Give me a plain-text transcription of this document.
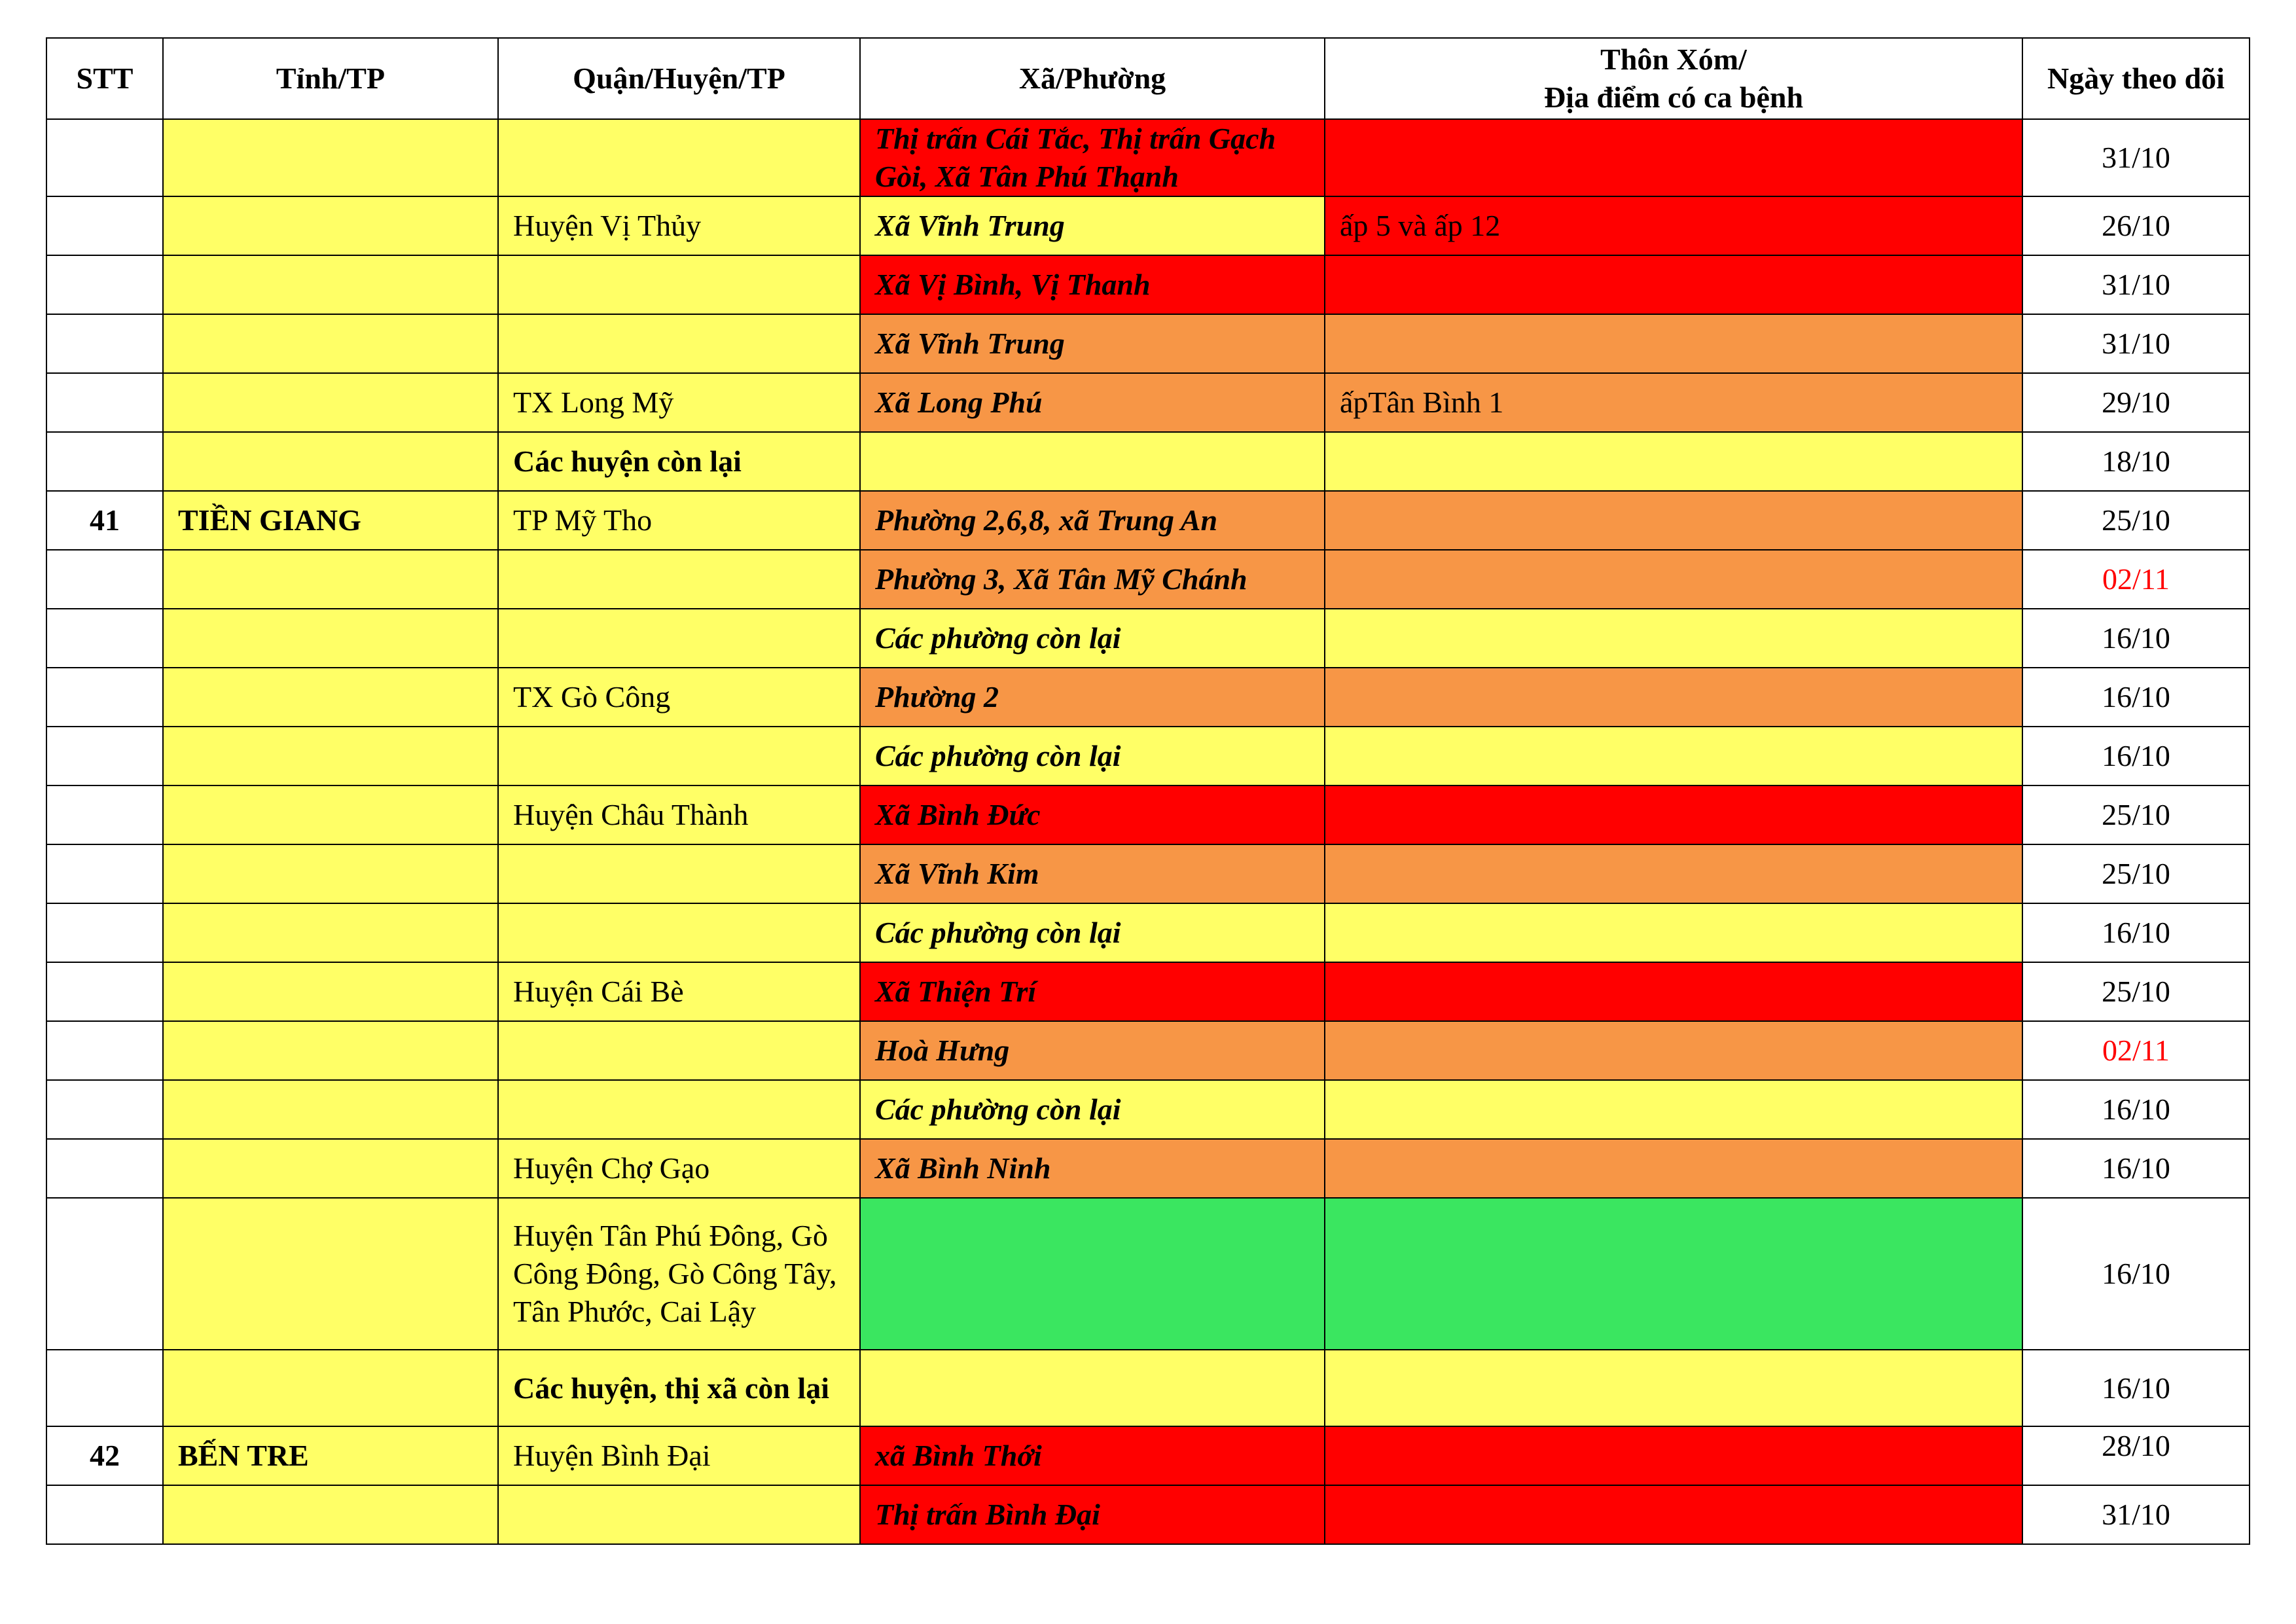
STT	Tỉnh/TP	Quận/Huyện/TP	Xã/Phường	Thôn Xóm/
Địa điểm có ca bệnh	Ngày theo dõi
			Thị trấn Cái Tắc, Thị trấn Gạch Gòi, Xã Tân Phú Thạnh		31/10
		Huyện Vị Thủy	Xã Vĩnh Trung	ấp 5 và ấp 12	26/10
			Xã Vị Bình, Vị Thanh		31/10
			Xã Vĩnh Trung		31/10
		TX Long Mỹ	Xã Long Phú	ấpTân Bình 1	29/10
		Các huyện còn lại			18/10
41	TIỀN GIANG	TP Mỹ Tho	Phường 2,6,8, xã Trung An		25/10
			Phường 3, Xã Tân Mỹ Chánh		02/11
			Các phường còn lại		16/10
		TX Gò Công	Phường 2		16/10
			Các phường còn lại		16/10
		Huyện Châu Thành	Xã Bình Đức		25/10
			Xã Vĩnh Kim		25/10
			Các phường còn lại		16/10
		Huyện Cái Bè	Xã Thiện Trí		25/10
			Hoà Hưng		02/11
			Các phường còn lại		16/10
		Huyện Chợ Gạo	Xã Bình Ninh		16/10
		Huyện Tân Phú Đông, Gò Công Đông, Gò Công Tây, Tân Phước, Cai Lậy			16/10
		Các huyện, thị xã còn lại			16/10
42	BẾN TRE	Huyện Bình Đại	xã Bình Thới		28/10
			Thị trấn Bình Đại		31/10
